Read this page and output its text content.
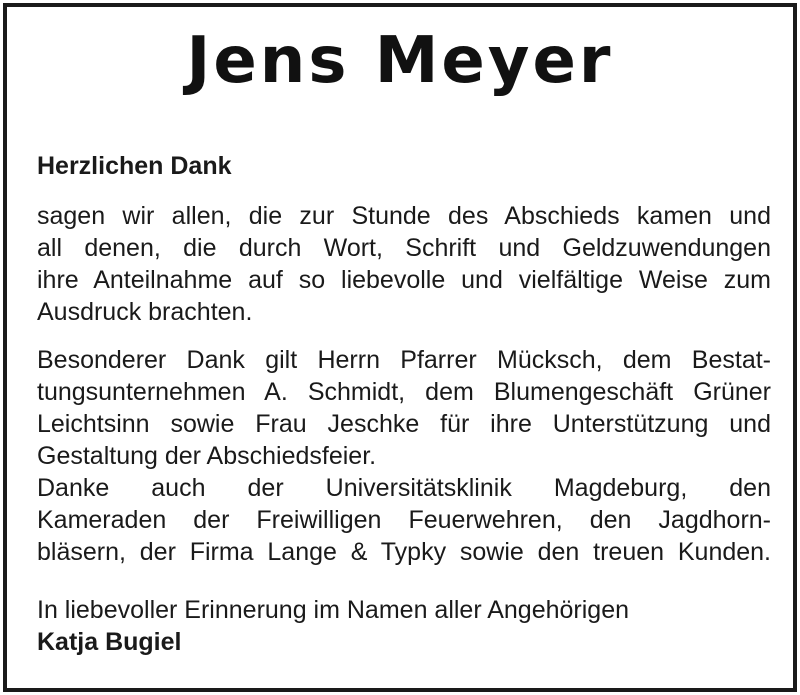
Jens Meyer
Herzlichen Dank
sagen wir allen, die zur Stunde des Abschieds kamen und
all denen, die durch Wort, Schrift und Geldzuwendungen
ihre Anteilnahme auf so liebevolle und vielfältige Weise zum
Ausdruck brachten.
Besonderer Dank gilt Herrn Pfarrer Mücksch, dem Bestat-
tungsunternehmen A. Schmidt, dem Blumengeschäft Grüner
Leichtsinn sowie Frau Jeschke für ihre Unterstützung und
Gestaltung der Abschiedsfeier.
Danke auch der Universitätsklinik Magdeburg, den
Kameraden der Freiwilligen Feuerwehren, den Jagdhorn-
bläsern, der Firma Lange & Typky sowie den treuen Kunden.
In liebevoller Erinnerung im Namen aller Angehörigen
Katja Bugiel
